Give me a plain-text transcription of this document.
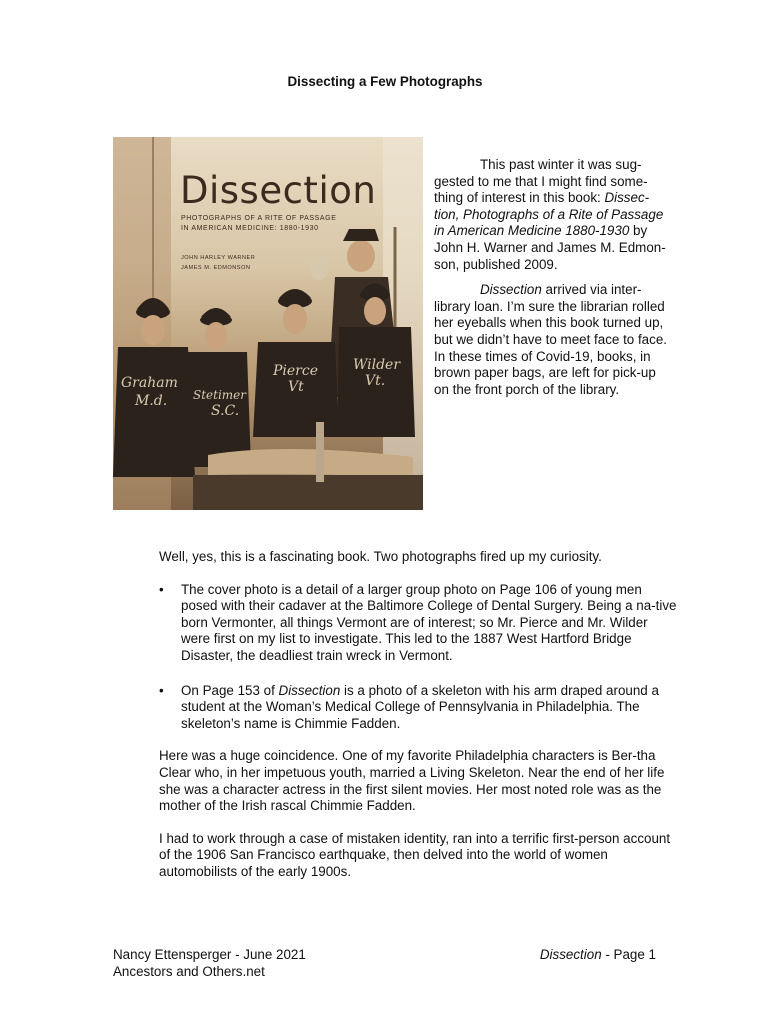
Dissecting a Few Photographs
Dissection
PHOTOGRAPHS OF A RITE OF PASSAGE
IN AMERICAN MEDICINE: 1880-1930
JOHN HARLEY WARNER
JAMES M. EDMONSON
Graham
M.d. Stetimer
S.C.
Pierce
Vt
Wilder
Vt.

This past winter it was sug-gested to me that I might find some-thing of interest in this book: Dissec-tion, Photographs of a Rite of Passage in American Medicine 1880-1930 by John H. Warner and James M. Edmon-son, published 2009.

Dissection arrived via inter-library loan. I’m sure the librarian rolled her eyeballs when this book turned up, but we didn’t have to meet face to face. In these times of Covid-19, books, in brown paper bags, are left for pick-up on the front porch of the library.

Well, yes, this is a fascinating book. Two photographs fired up my curiosity.

• The cover photo is a detail of a larger group photo on Page 106 of young men posed with their cadaver at the Baltimore College of Dental Surgery. Being a na-tive born Vermonter, all things Vermont are of interest; so Mr. Pierce and Mr. Wilder were first on my list to investigate. This led to the 1887 West Hartford Bridge Disaster, the deadliest train wreck in Vermont.
• On Page 153 of Dissection is a photo of a skeleton with his arm draped around a student at the Woman’s Medical College of Pennsylvania in Philadelphia. The skeleton’s name is Chimmie Fadden.

Here was a huge coincidence. One of my favorite Philadelphia characters is Ber-tha Clear who, in her impetuous youth, married a Living Skeleton. Near the end of her life she was a character actress in the first silent movies. Her most noted role was as the mother of the Irish rascal Chimmie Fadden.

I had to work through a case of mistaken identity, ran into a terrific first-person account of the 1906 San Francisco earthquake, then delved into the world of women automobilists of the early 1900s.

Nancy Ettensperger - June 2021
Ancestors and Others.net
Dissection - Page 1
